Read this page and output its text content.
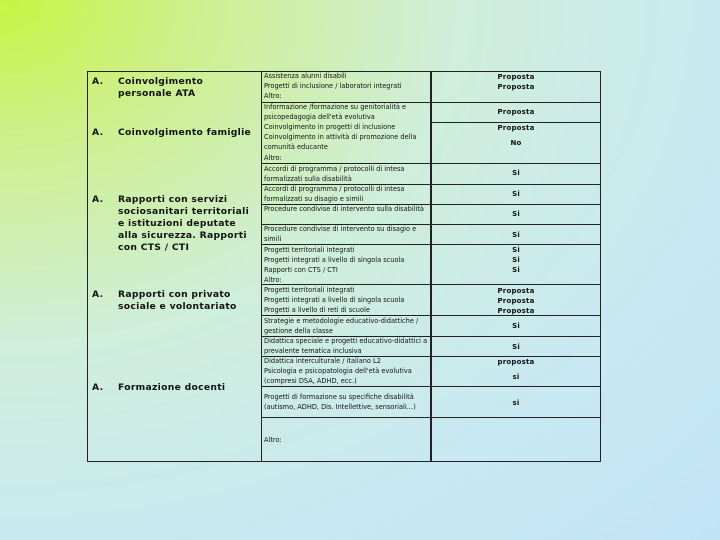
A. Coinvolgimento personale ATA
A. Coinvolgimento famiglie
A. Rapporti con servizi sociosanitari territoriali e istituzioni deputate alla sicurezza. Rapporti con CTS / CTI
A. Rapporti con privato sociale e volontariato
A. Formazione docenti
Assistenza alunni disabili
Progetti di inclusione / laboratori integrati
Altro:
Informazione /formazione su genitorialità e psicopedagogia dell'età evolutiva
Coinvolgimento in progetti di inclusione
Coinvolgimento in attività di promozione della comunità educante
Altro:
Accordi di programma / protocolli di intesa formalizzati sulla disabilità
Accordi di programma / protocolli di intesa formalizzati su disagio e simili
Procedure condivise di intervento sulla disabilità
Procedure condivise di intervento su disagio e simili
Progetti territoriali integrati
Progetti integrati a livello di singola scuola
Rapporti con CTS / CTI
Altro:
Progetti territoriali integrati
Progetti integrati a livello di singola scuola
Progetti a livello di reti di scuole
Strategie e metodologie educativo-didattiche / gestione della classe
Didattica speciale e progetti educativo-didattici a prevalente tematica inclusiva
Didattica interculturale / italiano L2
Psicologia e psicopatologia dell'età evolutiva (compresi DSA, ADHD, ecc.)
Progetti di formazione su specifiche disabilità (autismo, ADHD, Dis. Intellettive, sensoriali…)
Altro:
Proposta
Proposta
Proposta
Proposta
No
Si
Si
Si
Si
Si
Si
Si
Proposta
Proposta
Proposta
Si
Si
proposta
si
si
